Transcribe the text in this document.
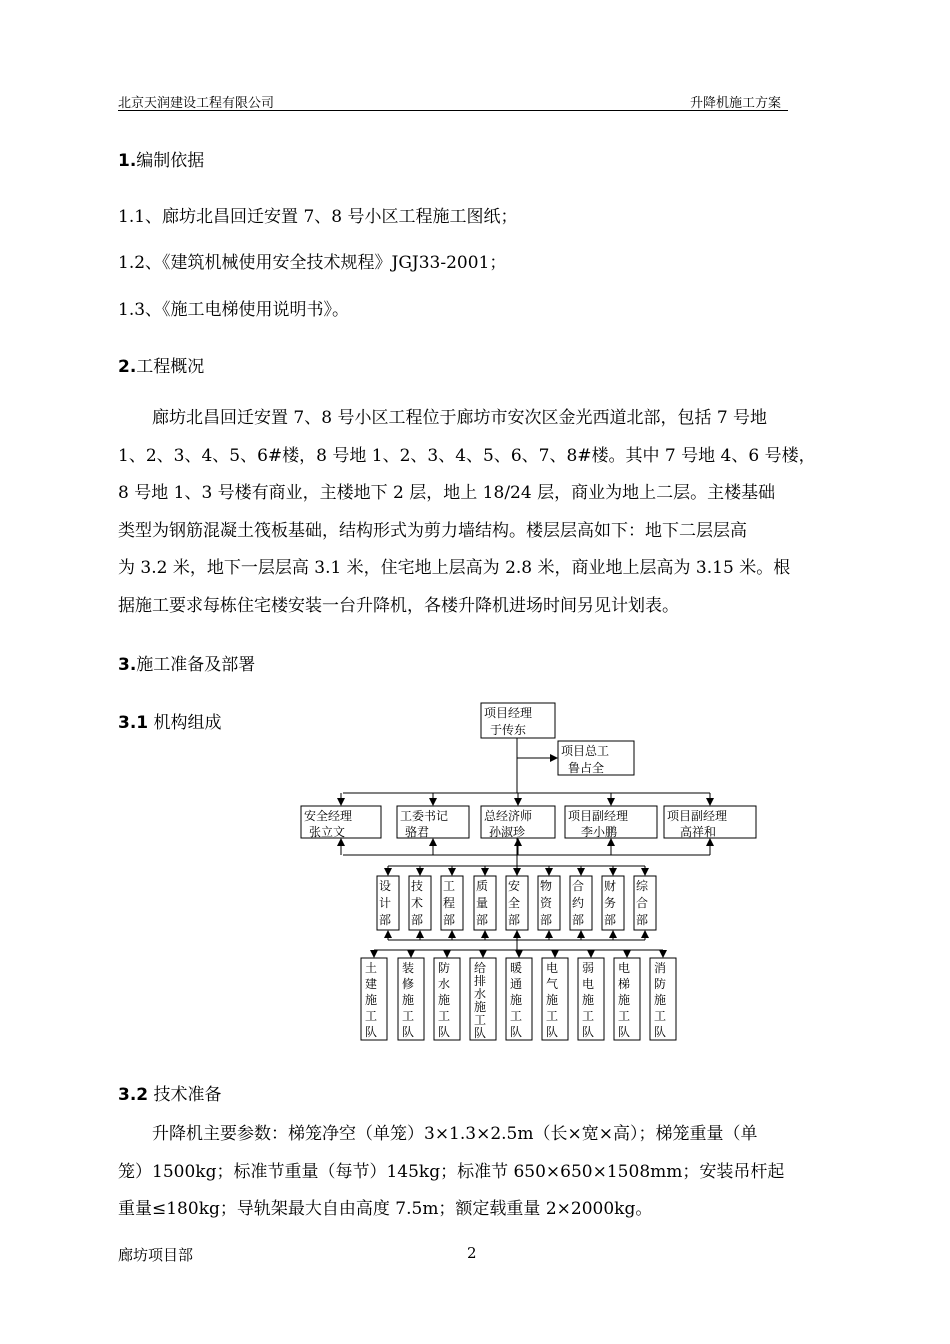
北京天润建设工程有限公司	升降机施工方案
1.编制依据
1.1、廊坊北昌回迁安置 7、8 号小区工程施工图纸；
1.2、《建筑机械使用安全技术规程》JGJ33-2001；
1.3、《施工电梯使用说明书》。
2.工程概况
　　廊坊北昌回迁安置 7、8 号小区工程位于廊坊市安次区金光西道北部，包括 7 号地
1、2、3、4、5、6#楼，8 号地 1、2、3、4、5、6、7、8#楼。其中 7 号地 4、6 号楼，
8 号地 1、3 号楼有商业，主楼地下 2 层，地上 18/24 层，商业为地上二层。主楼基础
类型为钢筋混凝土筏板基础，结构形式为剪力墙结构。楼层层高如下：地下二层层高
为 3.2 米，地下一层层高 3.1 米，住宅地上层高为 2.8 米，商业地上层高为 3.15 米。根
据施工要求每栋住宅楼安装一台升降机，各楼升降机进场时间另见计划表。
3.施工准备及部署
3.1 机构组成	项目经理
于传东
项目总工
鲁占全
安全经理
张立文
工委书记
骆君
总经济师
孙淑珍
项目副经理
李小鹏
项目副经理
高祥和
设计部
技术部
工程部
质量部
安全部
物资部
合约部
财务部
综合部
土建施工队
装修施工队
防水施工队
给排水施工队
暖通施工队
电气施工队
弱电施工队
电梯施工队
消防施工队
3.2 技术准备
　　升降机主要参数：梯笼净空（单笼）3×1.3×2.5m（长×宽×高）；梯笼重量（单
笼）1500kg；标准节重量（每节）145kg；标准节 650×650×1508mm；安装吊杆起
重量≤180kg；导轨架最大自由高度 7.5m；额定载重量 2×2000kg。
廊坊项目部	2
